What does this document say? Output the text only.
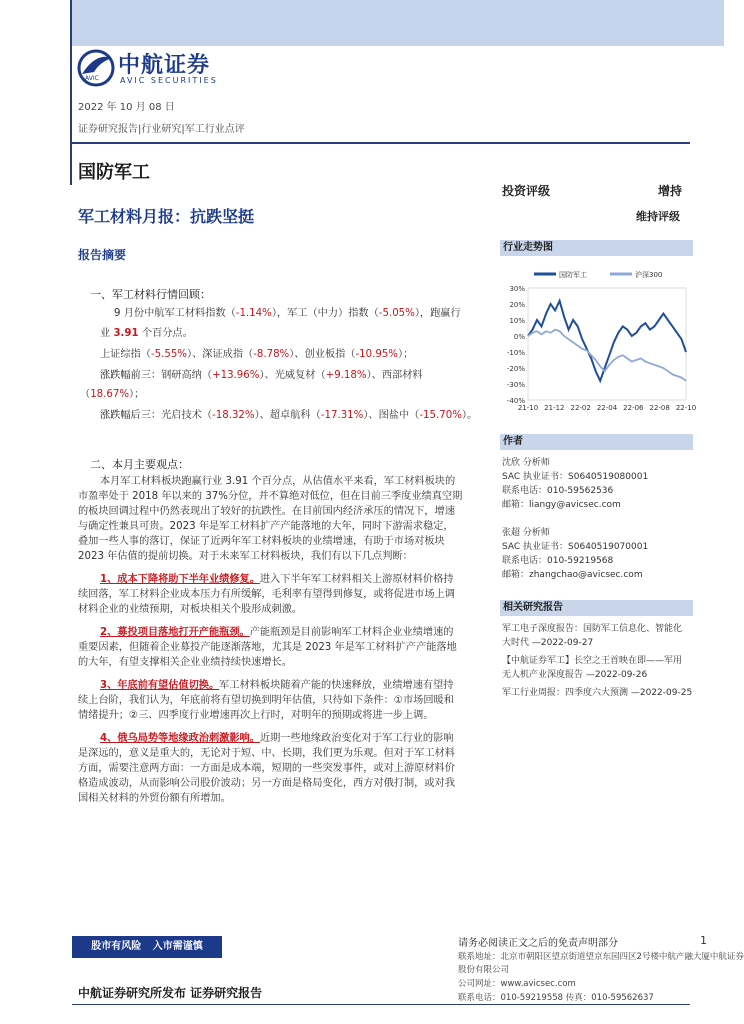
AVIC
中航证券
AVIC SECURITIES
2022 年 10 月 08 日
证券研究报告|行业研究|军工行业点评
国防军工
军工材料月报：抗跌坚挺
报告摘要
投资评级	增持
维持评级
一、军工材料行情回顾：
9 月份中航军工材料指数（-1.14%），军工（中力）指数（-5.05%），跑赢行
业 3.91 个百分点。
上证综指（-5.55%）、深证成指（-8.78%）、创业板指（-10.95%）；
涨跌幅前三：钢研高纳（+13.96%）、光威复材（+9.18%）、西部材料
（18.67%）；
涨跌幅后三：光启技术（-18.32%）、超卓航科（-17.31%）、图盐中（-15.70%）。
二、本月主要观点：
本月军工材料板块跑赢行业 3.91 个百分点，从估值水平来看，军工材料板块的
市盈率处于 2018 年以来的 37%分位，并不算绝对低位，但在目前三季度业绩真空期
的板块回调过程中仍然表现出了较好的抗跌性。在目前国内经济承压的情况下，增速
与确定性兼具可贵。2023 年是军工材料扩产产能落地的大年，同时下游需求稳定，
叠加一些人事的落订，保证了近两年军工材料板块的业绩增速，有助于市场对板块
2023 年估值的提前切换。对于未来军工材料板块，我们有以下几点判断：
1、成本下降将助下半年业绩修复。进入下半年军工材料相关上游原材料价格持
续回落，军工材料企业成本压力有所缓解，毛利率有望得到修复，或将促进市场上调
材料企业的业绩预期，对板块相关个股形成刺激。
2、募投项目落地打开产能瓶颈。产能瓶颈是目前影响军工材料企业业绩增速的
重要因素，但随着企业募投产能逐渐落地，尤其是 2023 年是军工材料扩产产能落地
的大年，有望支撑相关企业业绩持续快速增长。
3、年底前有望估值切换。军工材料板块随着产能的快速释放，业绩增速有望持
续上台阶，我们认为，年底前将有望切换到明年估值，只待如下条件：①市场回暖和
情绪提升；②三、四季度行业增速再次上行时，对明年的预期或将进一步上调。
4、俄乌局势等地缘政治刺激影响。近期一些地缘政治变化对于军工行业的影响
是深远的，意义是重大的，无论对于短、中、长期，我们更为乐观。但对于军工材料
方面，需要注意两方面：一方面是成本端，短期的一些突发事件，或对上游原材料价
格造成波动，从而影响公司股价波动；另一方面是格局变化，西方对俄打制，或对我
国相关材料的外贸份额有所增加。
行业走势图
30%
20%
10%
0%
-10%
-20%
-30%
-40%
21-10 21-12 22-02 22-04 22-06 22-08 22-10
国防军工	沪深300
作者
沈欣 分析师
SAC 执业证书：S0640519080001
联系电话：010-59562536
邮箱：liangy@avicsec.com

张超 分析师
SAC 执业证书：S0640519070001
联系电话：010-59219568
邮箱：zhangchao@avicsec.com
相关研究报告
军工电子深度报告：国防军工信息化、智能化
大时代 —2022-09-27
【中航证券军工】长空之王首映在即——军用
无人机产业深度报告 —2022-09-26
军工行业周报：四季度六大预测 —2022-09-25
股市有风险 入市需谨慎	请务必阅读正文之后的免责声明部分
联系地址：北京市朝阳区望京街道望京东园四区2号楼中航产融大厦中航证券
股份有限公司
公司网址：www.avicsec.com
联系电话：010-59219558 传真：010-59562637
1
中航证券研究所发布 证券研究报告
